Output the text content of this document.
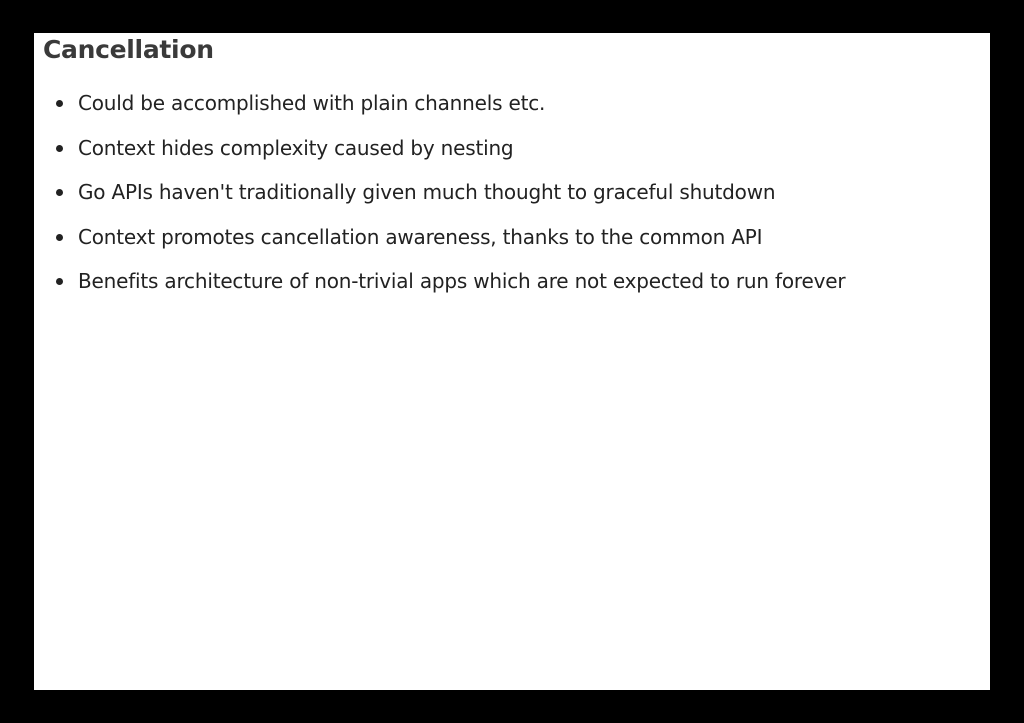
Cancellation
Could be accomplished with plain channels etc.
Context hides complexity caused by nesting
Go APIs haven't traditionally given much thought to graceful shutdown
Context promotes cancellation awareness, thanks to the common API
Benefits architecture of non-trivial apps which are not expected to run forever
